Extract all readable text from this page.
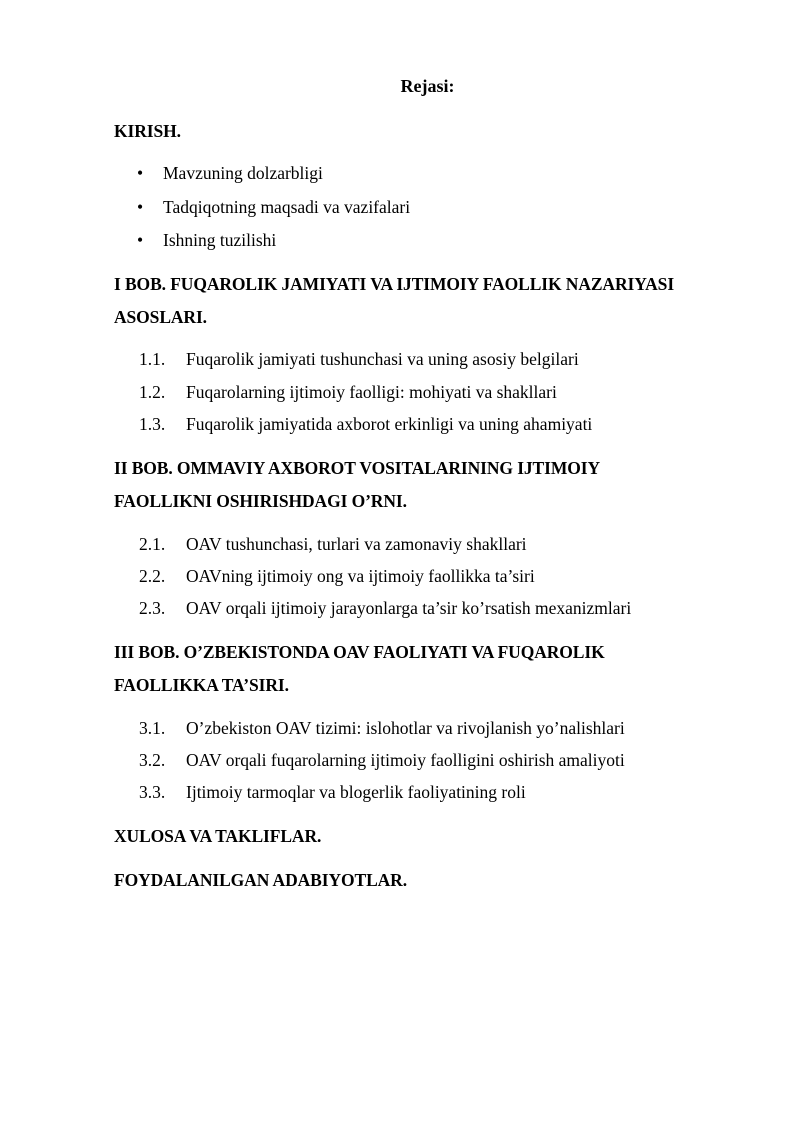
Rejasi:
KIRISH.
• Mavzuning dolzarbligi
• Tadqiqotning maqsadi va vazifalari
• Ishning tuzilishi
I BOB. FUQAROLIK JAMIYATI VA IJTIMOIY FAOLLIK NAZARIYASI
ASOSLARI.
1.1. Fuqarolik jamiyati tushunchasi va uning asosiy belgilari
1.2. Fuqarolarning ijtimoiy faolligi: mohiyati va shakllari
1.3. Fuqarolik jamiyatida axborot erkinligi va uning ahamiyati
II BOB. OMMAVIY AXBOROT VOSITALARINING IJTIMOIY
FAOLLIKNI OSHIRISHDAGI O’RNI.
2.1. OAV tushunchasi, turlari va zamonaviy shakllari
2.2. OAVning ijtimoiy ong va ijtimoiy faollikka ta’siri
2.3. OAV orqali ijtimoiy jarayonlarga ta’sir ko’rsatish mexanizmlari
III BOB. O’ZBEKISTONDA OAV FAOLIYATI VA FUQAROLIK
FAOLLIKKA TA’SIRI.
3.1. O’zbekiston OAV tizimi: islohotlar va rivojlanish yo’nalishlari
3.2. OAV orqali fuqarolarning ijtimoiy faolligini oshirish amaliyoti
3.3. Ijtimoiy tarmoqlar va blogerlik faoliyatining roli
XULOSA VA TAKLIFLAR.
FOYDALANILGAN ADABIYOTLAR.
